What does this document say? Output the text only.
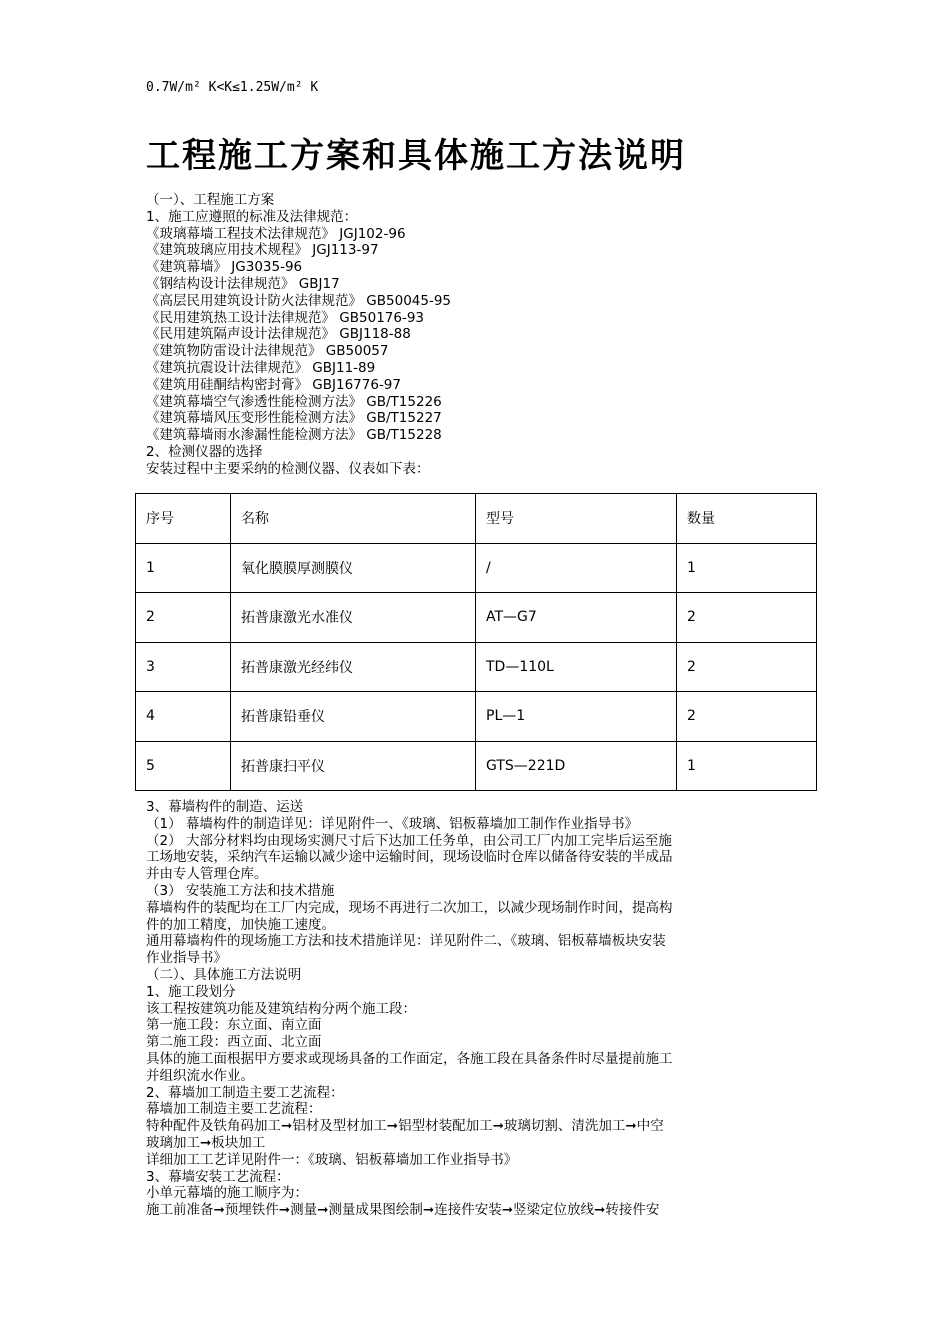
0.7W/m² K<K≤1.25W/m² K
工程施工方案和具体施工方法说明

（一）、工程施工方案

1、施工应遵照的标准及法律规范：

《玻璃幕墙工程技术法律规范》 JGJ102-96

《建筑玻璃应用技术规程》 JGJ113-97

《建筑幕墙》 JG3035-96

《钢结构设计法律规范》 GBJ17

《高层民用建筑设计防火法律规范》 GB50045-95

《民用建筑热工设计法律规范》 GB50176-93

《民用建筑隔声设计法律规范》 GBJ118-88

《建筑物防雷设计法律规范》 GB50057

《建筑抗震设计法律规范》 GBJ11-89

《建筑用硅酮结构密封膏》 GBJ16776-97

《建筑幕墙空气渗透性能检测方法》 GB/T15226

《建筑幕墙风压变形性能检测方法》 GB/T15227

《建筑幕墙雨水渗漏性能检测方法》 GB/T15228

2、检测仪器的选择

安装过程中主要采纳的检测仪器、仪表如下表：

序号	名称	型号	数量
1	氧化膜膜厚测膜仪	/	1
2	拓普康激光水准仪	AT—G7	2
3	拓普康激光经纬仪	TD—110L	2
4	拓普康铅垂仪	PL—1	2
5	拓普康扫平仪	GTS—221D	1

3、幕墙构件的制造、运送

（1） 幕墙构件的制造详见：详见附件一、《玻璃、铝板幕墙加工制作作业指导书》

（2） 大部分材料均由现场实测尺寸后下达加工任务单，由公司工厂内加工完毕后运至施

工场地安装，采纳汽车运输以减少途中运输时间，现场设临时仓库以储备待安装的半成品

并由专人管理仓库。

（3） 安装施工方法和技术措施

幕墙构件的装配均在工厂内完成，现场不再进行二次加工，以减少现场制作时间，提高构

件的加工精度，加快施工速度。

通用幕墙构件的现场施工方法和技术措施详见：详见附件二、《玻璃、铝板幕墙板块安装

作业指导书》

（二）、具体施工方法说明

1、施工段划分

该工程按建筑功能及建筑结构分两个施工段：

第一施工段：东立面、南立面

第二施工段：西立面、北立面

具体的施工面根据甲方要求或现场具备的工作面定，各施工段在具备条件时尽量提前施工

并组织流水作业。

2、幕墙加工制造主要工艺流程：

幕墙加工制造主要工艺流程：

特种配件及铁角码加工➞铝材及型材加工➞铝型材装配加工➞玻璃切割、清洗加工➞中空

玻璃加工➞板块加工

详细加工工艺详见附件一：《玻璃、铝板幕墙加工作业指导书》

3、幕墙安装工艺流程：

小单元幕墙的施工顺序为：

施工前准备➞预埋铁件➞测量➞测量成果图绘制➞连接件安装➞竖梁定位放线➞转接件安
